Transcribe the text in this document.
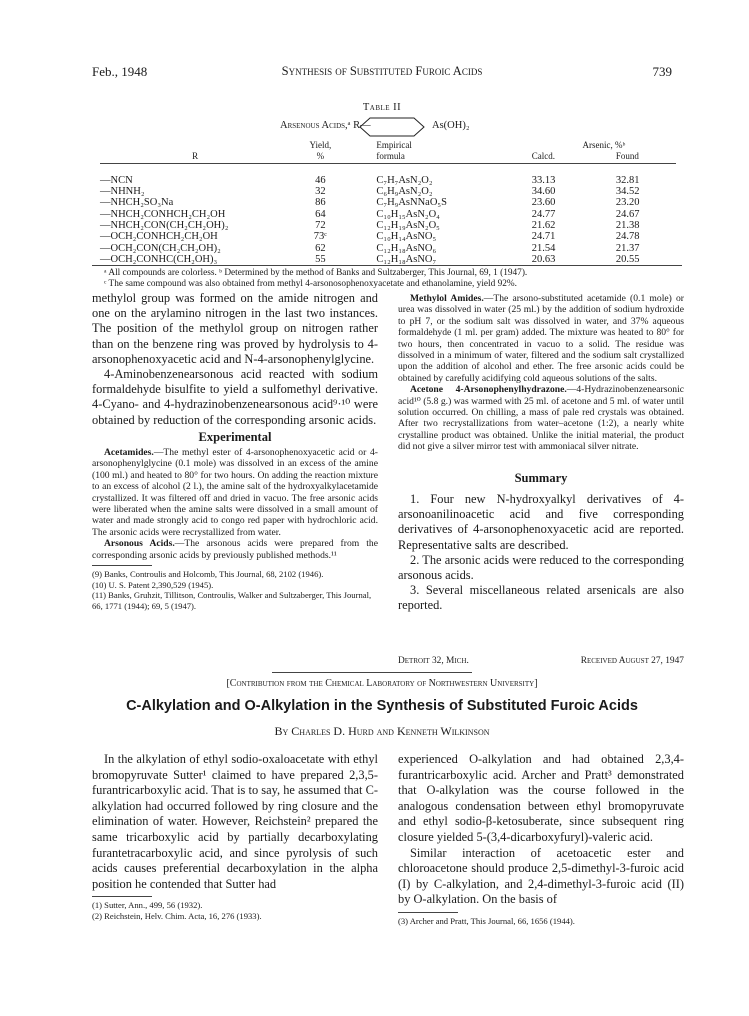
Feb., 1948	Synthesis of Substituted Furoic Acids	739
Table II
Arsenous Acids,ᵃ R—	As(OH)₂
	Yield,	Empirical	Arsenic, %ᵇ	
R	%	formula	Calcd.	Found

—NCN	46	C₇H₇AsN₂O₂	33.13	32.81
—NHNH₂	32	C₆H₉AsN₂O₂	34.60	34.52
—NHCH₂SO₃Na	86	C₇H₉AsNNaO₅S	23.60	23.20
—NHCH₂CONHCH₂CH₂OH	64	C₁₀H₁₅AsN₂O₄	24.77	24.67
—NHCH₂CON(CH₂CH₂OH)₂	72	C₁₂H₁₉AsN₂O₅	21.62	21.38
—OCH₂CONHCH₂CH₂OH	73ᶜ	C₁₀H₁₄AsNO₅	24.71	24.78
—OCH₂CON(CH₂CH₂OH)₂	62	C₁₂H₁₈AsNO₆	21.54	21.37
—OCH₂CONHC(CH₂OH)₃	55	C₁₂H₁₈AsNO₇	20.63	20.55

ᵃ All compounds are colorless. ᵇ Determined by the method of Banks and Sultzaberger, This Journal, 69, 1 (1947).

ᶜ The same compound was also obtained from methyl 4-arsonosophenoxyacetate and ethanolamine, yield 92%.

methylol group was formed on the amide nitrogen and one on the arylamino nitrogen in the last two instances. The position of the methylol group on nitrogen rather than on the benzene ring was proved by hydrolysis to 4-arsonophenoxyacetic acid and N-4-arsonophenylglycine.

4-Aminobenzenearsonous acid reacted with sodium formaldehyde bisulfite to yield a sulfomethyl derivative. 4-Cyano- and 4-hydrazinobenzenearsonous acid⁹·¹⁰ were obtained by reduction of the corresponding arsonic acids.

Experimental

Acetamides.—The methyl ester of 4-arsonophenoxyacetic acid or 4-arsonophenylglycine (0.1 mole) was dissolved in an excess of the amine (100 ml.) and heated to 80° for two hours. On adding the reaction mixture to an excess of alcohol (2 l.), the amine salt of the hydroxyalkylacetamide crystallized. It was filtered off and dried in vacuo. The free arsonic acids were liberated when the amine salts were dissolved in a small amount of water and made strongly acid to congo red paper with hydrochloric acid. The arsonic acids were recrystallized from water.

Arsonous Acids.—The arsonous acids were prepared from the corresponding arsonic acids by previously published methods.¹¹

(9) Banks, Controulis and Holcomb, This Journal, 68, 2102 (1946).

(10) U. S. Patent 2,390,529 (1945).

(11) Banks, Gruhzit, Tillitson, Controulis, Walker and Sultzaberger, This Journal, 66, 1771 (1944); 69, 5 (1947).

Methylol Amides.—The arsono-substituted acetamide (0.1 mole) or urea was dissolved in water (25 ml.) by the addition of sodium hydroxide to pH 7, or the sodium salt was dissolved in water, and 37% aqueous formaldehyde (1 ml. per gram) added. The mixture was heated to 80° for two hours, then concentrated in vacuo to a solid. The residue was dissolved in a minimum of water, filtered and the sodium salt crystallized upon the addition of alcohol and ether. The free arsonic acids could be obtained by carefully acidifying cold aqueous solutions of the salts.

Acetone 4-Arsonophenylhydrazone.—4-Hydrazinobenzenearsonic acid¹⁰ (5.8 g.) was warmed with 25 ml. of acetone and 5 ml. of water until solution occurred. On chilling, a mass of pale red crystals was obtained. After two recrystallizations from water–acetone (1:2), a nearly white crystalline product was obtained. Unlike the initial material, the product did not give a silver mirror test with ammoniacal silver nitrate.

Summary

1. Four new N-hydroxyalkyl derivatives of 4-arsonoanilinoacetic acid and five corresponding derivatives of 4-arsonophenoxyacetic acid are reported. Representative salts are described.

2. The arsonic acids were reduced to the corresponding arsonous acids.

3. Several miscellaneous related arsenicals are also reported.

Detroit 32, Mich.	Received August 27, 1947
[Contribution from the Chemical Laboratory of Northwestern University]
C-Alkylation and O-Alkylation in the Synthesis of Substituted Furoic Acids
By Charles D. Hurd and Kenneth Wilkinson

In the alkylation of ethyl sodio-oxaloacetate with ethyl bromopyruvate Sutter¹ claimed to have prepared 2,3,5-furantricarboxylic acid. That is to say, he assumed that C-alkylation had occurred followed by ring closure and the elimination of water. However, Reichstein² prepared the same tricarboxylic acid by partially decarboxylating furantetracarboxylic acid, and since pyrolysis of such acids causes preferential decarboxylation in the alpha position he contended that Sutter had

(1) Sutter, Ann., 499, 56 (1932).

(2) Reichstein, Helv. Chim. Acta, 16, 276 (1933).

experienced O-alkylation and had obtained 2,3,4-furantricarboxylic acid. Archer and Pratt³ demonstrated that O-alkylation was the course followed in the analogous condensation between ethyl bromopyruvate and ethyl sodio-β-ketosuberate, since subsequent ring closure yielded 5-(3,4-dicarboxyfuryl)-valeric acid.

Similar interaction of acetoacetic ester and chloroacetone should produce 2,5-dimethyl-3-furoic acid (I) by C-alkylation, and 2,4-dimethyl-3-furoic acid (II) by O-alkylation. On the basis of

(3) Archer and Pratt, This Journal, 66, 1656 (1944).
